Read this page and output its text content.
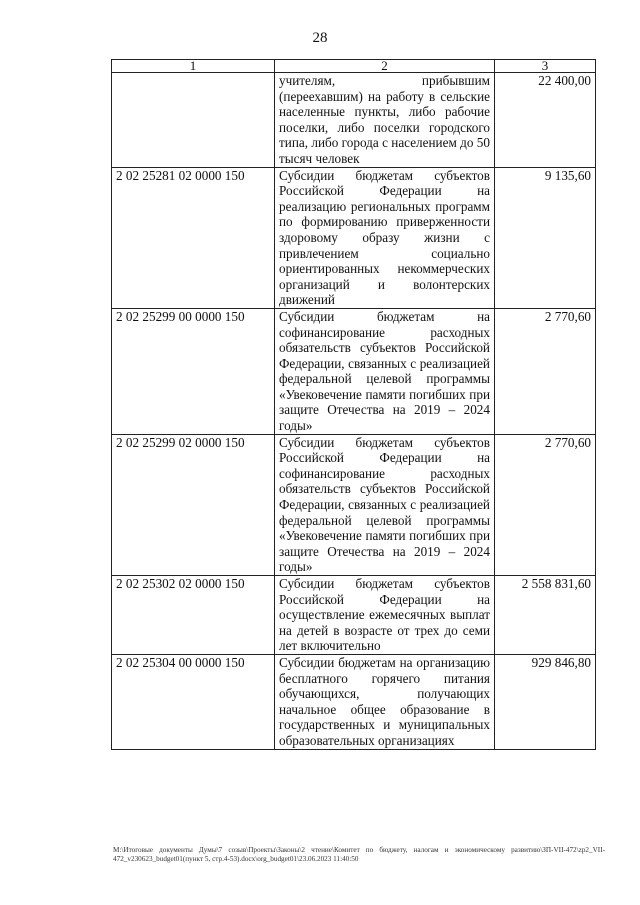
28
1	2	3
	учителям, прибывшим (переехавшим) на работу в сельские населенные пункты, либо рабочие поселки, либо поселки городского типа, либо города с населением до 50 тысяч человек	22 400,00
2 02 25281 02 0000 150	Субсидии бюджетам субъектов Российской Федерации на реализацию региональных программ по формированию приверженности здоровому образу жизни с привлечением социально ориентированных некоммерческих организаций и волонтерских движений	9 135,60
2 02 25299 00 0000 150	Субсидии бюджетам на софинансирование расходных обязательств субъектов Российской Федерации, связанных с реализацией федеральной целевой программы «Увековечение памяти погибших при защите Отечества на 2019 – 2024 годы»	2 770,60
2 02 25299 02 0000 150	Субсидии бюджетам субъектов Российской Федерации на софинансирование расходных обязательств субъектов Российской Федерации, связанных с реализацией федеральной целевой программы «Увековечение памяти погибших при защите Отечества на 2019 – 2024 годы»	2 770,60
2 02 25302 02 0000 150	Субсидии бюджетам субъектов Российской Федерации на осуществление ежемесячных выплат на детей в возрасте от трех до семи лет включительно	2 558 831,60
2 02 25304 00 0000 150	Субсидии бюджетам на организацию бесплатного горячего питания обучающихся, получающих начальное общее образование в государственных и муниципальных образовательных организациях	929 846,80
M:\Итоговые документы Думы\7 созыв\Проекты\Законы\2 чтение\Комитет по бюджету, налогам и экономическому развитию\ЗП-VII-472\zp2_VII-472_v230623_budget01(пункт 5, стр.4-53).docx\org_budget01\23.06.2023 11:40:50
